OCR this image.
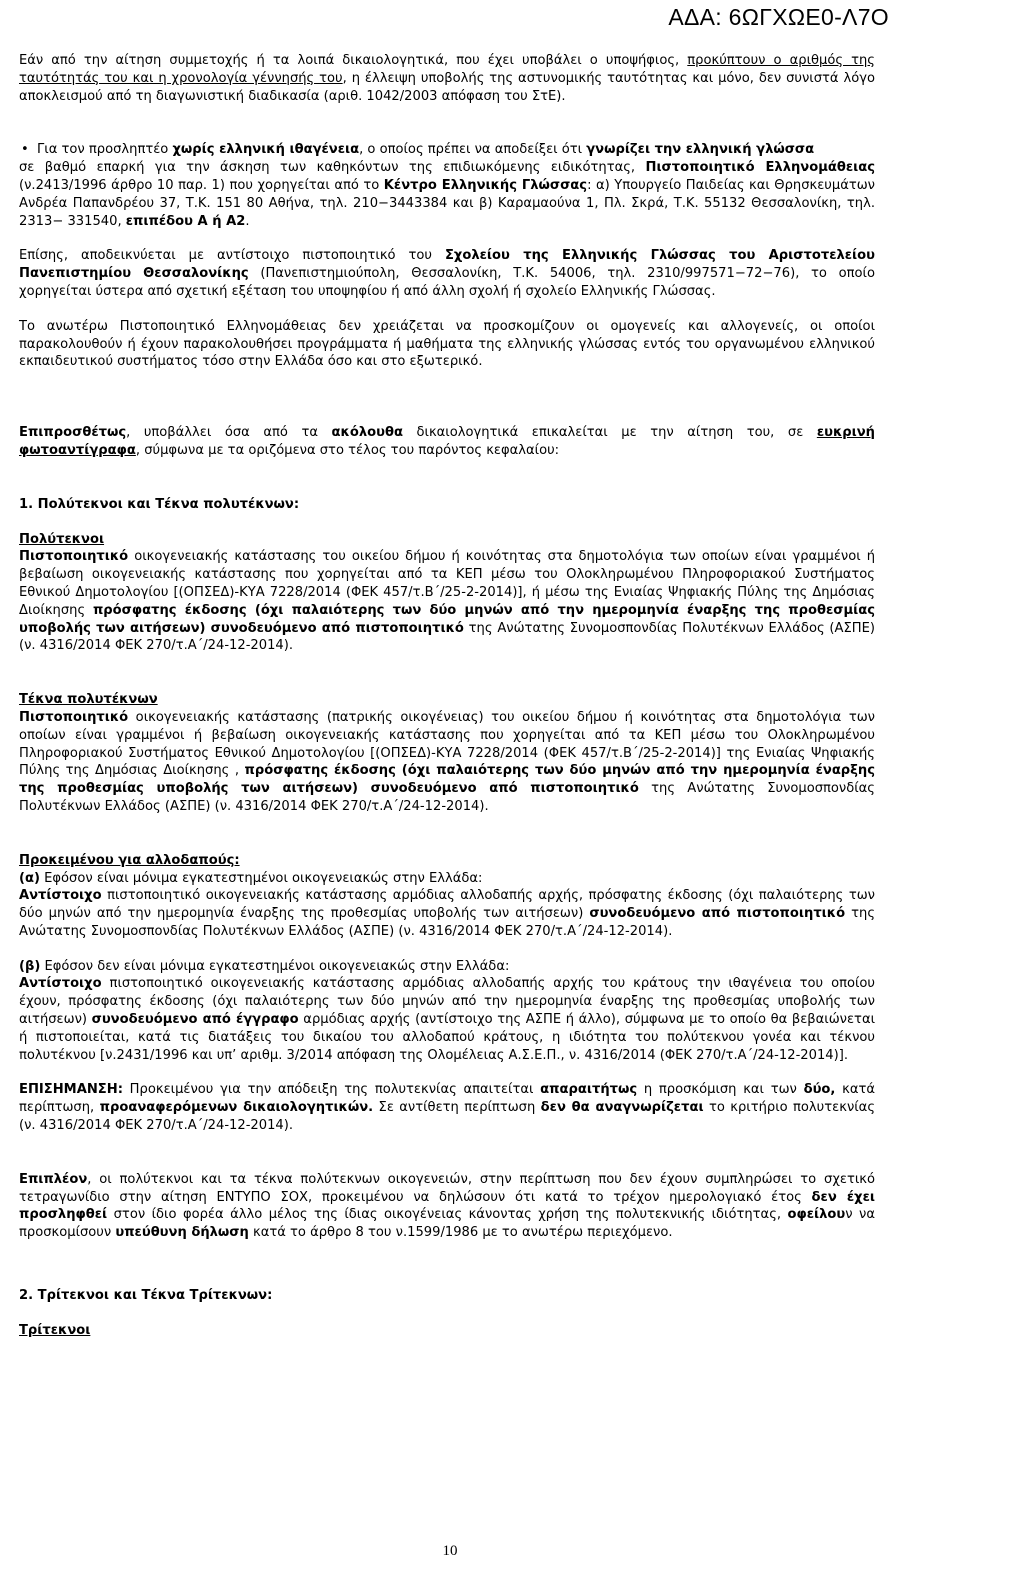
ΑΔΑ: 6ΩΓΧΩΕ0-Λ7Ο

Εάν από την αίτηση συμμετοχής ή τα λοιπά δικαιολογητικά, που έχει υποβάλει ο υποψήφιος, προκύπτουν ο αριθμός της ταυτότητάς του και η χρονολογία γέννησής του, η έλλειψη υποβολής της αστυνομικής ταυτότητας και μόνο, δεν συνιστά λόγο αποκλεισμού από τη διαγωνιστική διαδικασία (αριθ. 1042/2003 απόφαση του ΣτΕ).

• Για τον προσληπτέο χωρίς ελληνική ιθαγένεια, ο οποίος πρέπει να αποδείξει ότι γνωρίζει την ελληνική γλώσσα

σε βαθμό επαρκή για την άσκηση των καθηκόντων της επιδιωκόμενης ειδικότητας, Πιστοποιητικό Ελληνομάθειας (ν.2413/1996 άρθρο 10 παρ. 1) που χορηγείται από το Κέντρο Ελληνικής Γλώσσας: α) Υπουργείο Παιδείας και Θρησκευμάτων Ανδρέα Παπανδρέου 37, Τ.Κ. 151 80 Αθήνα, τηλ. 210−3443384 και β) Καραμαούνα 1, Πλ. Σκρά, Τ.Κ. 55132 Θεσσαλονίκη, τηλ. 2313− 331540, επιπέδου Α ή Α2.

Επίσης, αποδεικνύεται με αντίστοιχο πιστοποιητικό του Σχολείου της Ελληνικής Γλώσσας του Αριστοτελείου Πανεπιστημίου Θεσσαλονίκης (Πανεπιστημιούπολη, Θεσσαλονίκη, Τ.Κ. 54006, τηλ. 2310/997571−72−76), το οποίο χορηγείται ύστερα από σχετική εξέταση του υποψηφίου ή από άλλη σχολή ή σχολείο Ελληνικής Γλώσσας.

Το ανωτέρω Πιστοποιητικό Ελληνομάθειας δεν χρειάζεται να προσκομίζουν οι ομογενείς και αλλογενείς, οι οποίοι παρακολουθούν ή έχουν παρακολουθήσει προγράμματα ή μαθήματα της ελληνικής γλώσσας εντός του οργανωμένου ελληνικού εκπαιδευτικού συστήματος τόσο στην Ελλάδα όσο και στο εξωτερικό.

Επιπροσθέτως, υποβάλλει όσα από τα ακόλουθα δικαιολογητικά επικαλείται με την αίτηση του, σε ευκρινή φωτοαντίγραφα, σύμφωνα με τα οριζόμενα στο τέλος του παρόντος κεφαλαίου:

1. Πολύτεκνοι και Τέκνα πολυτέκνων:

Πολύτεκνοι

Πιστοποιητικό οικογενειακής κατάστασης του οικείου δήμου ή κοινότητας στα δημοτολόγια των οποίων είναι γραμμένοι ή βεβαίωση οικογενειακής κατάστασης που χορηγείται από τα ΚΕΠ μέσω του Ολοκληρωμένου Πληροφοριακού Συστήματος Εθνικού Δημοτολογίου [(ΟΠΣΕΔ)-ΚΥΑ 7228/2014 (ΦΕΚ 457/τ.Β΄/25-2-2014)], ή μέσω της Ενιαίας Ψηφιακής Πύλης της Δημόσιας Διοίκησης πρόσφατης έκδοσης (όχι παλαιότερης των δύο μηνών από την ημερομηνία έναρξης της προθεσμίας υποβολής των αιτήσεων) συνοδευόμενο από πιστοποιητικό της Ανώτατης Συνομοσπονδίας Πολυτέκνων Ελλάδος (ΑΣΠΕ) (ν. 4316/2014 ΦΕΚ 270/τ.Α΄/24-12-2014).

Τέκνα πολυτέκνων

Πιστοποιητικό οικογενειακής κατάστασης (πατρικής οικογένειας) του οικείου δήμου ή κοινότητας στα δημοτολόγια των οποίων είναι γραμμένοι ή βεβαίωση οικογενειακής κατάστασης που χορηγείται από τα ΚΕΠ μέσω του Ολοκληρωμένου Πληροφοριακού Συστήματος Εθνικού Δημοτολογίου [(ΟΠΣΕΔ)-ΚΥΑ 7228/2014 (ΦΕΚ 457/τ.Β΄/25-2-2014)] της Ενιαίας Ψηφιακής Πύλης της Δημόσιας Διοίκησης , πρόσφατης έκδοσης (όχι παλαιότερης των δύο μηνών από την ημερομηνία έναρξης της προθεσμίας υποβολής των αιτήσεων) συνοδευόμενο από πιστοποιητικό της Ανώτατης Συνομοσπονδίας Πολυτέκνων Ελλάδος (ΑΣΠΕ) (ν. 4316/2014 ΦΕΚ 270/τ.Α΄/24-12-2014).

Προκειμένου για αλλοδαπούς:

(α) Εφόσον είναι μόνιμα εγκατεστημένοι οικογενειακώς στην Ελλάδα:

Αντίστοιχο πιστοποιητικό οικογενειακής κατάστασης αρμόδιας αλλοδαπής αρχής, πρόσφατης έκδοσης (όχι παλαιότερης των δύο μηνών από την ημερομηνία έναρξης της προθεσμίας υποβολής των αιτήσεων) συνοδευόμενο από πιστοποιητικό της Ανώτατης Συνομοσπονδίας Πολυτέκνων Ελλάδος (ΑΣΠΕ) (ν. 4316/2014 ΦΕΚ 270/τ.Α΄/24-12-2014).

(β) Εφόσον δεν είναι μόνιμα εγκατεστημένοι οικογενειακώς στην Ελλάδα:

Αντίστοιχο πιστοποιητικό οικογενειακής κατάστασης αρμόδιας αλλοδαπής αρχής του κράτους την ιθαγένεια του οποίου έχουν, πρόσφατης έκδοσης (όχι παλαιότερης των δύο μηνών από την ημερομηνία έναρξης της προθεσμίας υποβολής των αιτήσεων) συνοδευόμενο από έγγραφο αρμόδιας αρχής (αντίστοιχο της ΑΣΠΕ ή άλλο), σύμφωνα με το οποίο θα βεβαιώνεται ή πιστοποιείται, κατά τις διατάξεις του δικαίου του αλλοδαπού κράτους, η ιδιότητα του πολύτεκνου γονέα και τέκνου πολυτέκνου [ν.2431/1996 και υπ’ αριθμ. 3/2014 απόφαση της Ολομέλειας Α.Σ.Ε.Π., ν. 4316/2014 (ΦΕΚ 270/τ.Α΄/24-12-2014)].

ΕΠΙΣΗΜΑΝΣΗ: Προκειμένου για την απόδειξη της πολυτεκνίας απαιτείται απαραιτήτως η προσκόμιση και των δύο, κατά περίπτωση, προαναφερόμενων δικαιολογητικών. Σε αντίθετη περίπτωση δεν θα αναγνωρίζεται το κριτήριο πολυτεκνίας (ν. 4316/2014 ΦΕΚ 270/τ.Α΄/24-12-2014).

Επιπλέον, οι πολύτεκνοι και τα τέκνα πολύτεκνων οικογενειών, στην περίπτωση που δεν έχουν συμπληρώσει το σχετικό τετραγωνίδιο στην αίτηση ΕΝΤΥΠΟ ΣΟΧ, προκειμένου να δηλώσουν ότι κατά το τρέχον ημερολογιακό έτος δεν έχει προσληφθεί στον ίδιο φορέα άλλο μέλος της ίδιας οικογένειας κάνοντας χρήση της πολυτεκνικής ιδιότητας, οφείλουν να προσκομίσουν υπεύθυνη δήλωση κατά το άρθρο 8 του ν.1599/1986 με το ανωτέρω περιεχόμενο.

2. Τρίτεκνοι και Τέκνα Τρίτεκνων:

Τρίτεκνοι

10
